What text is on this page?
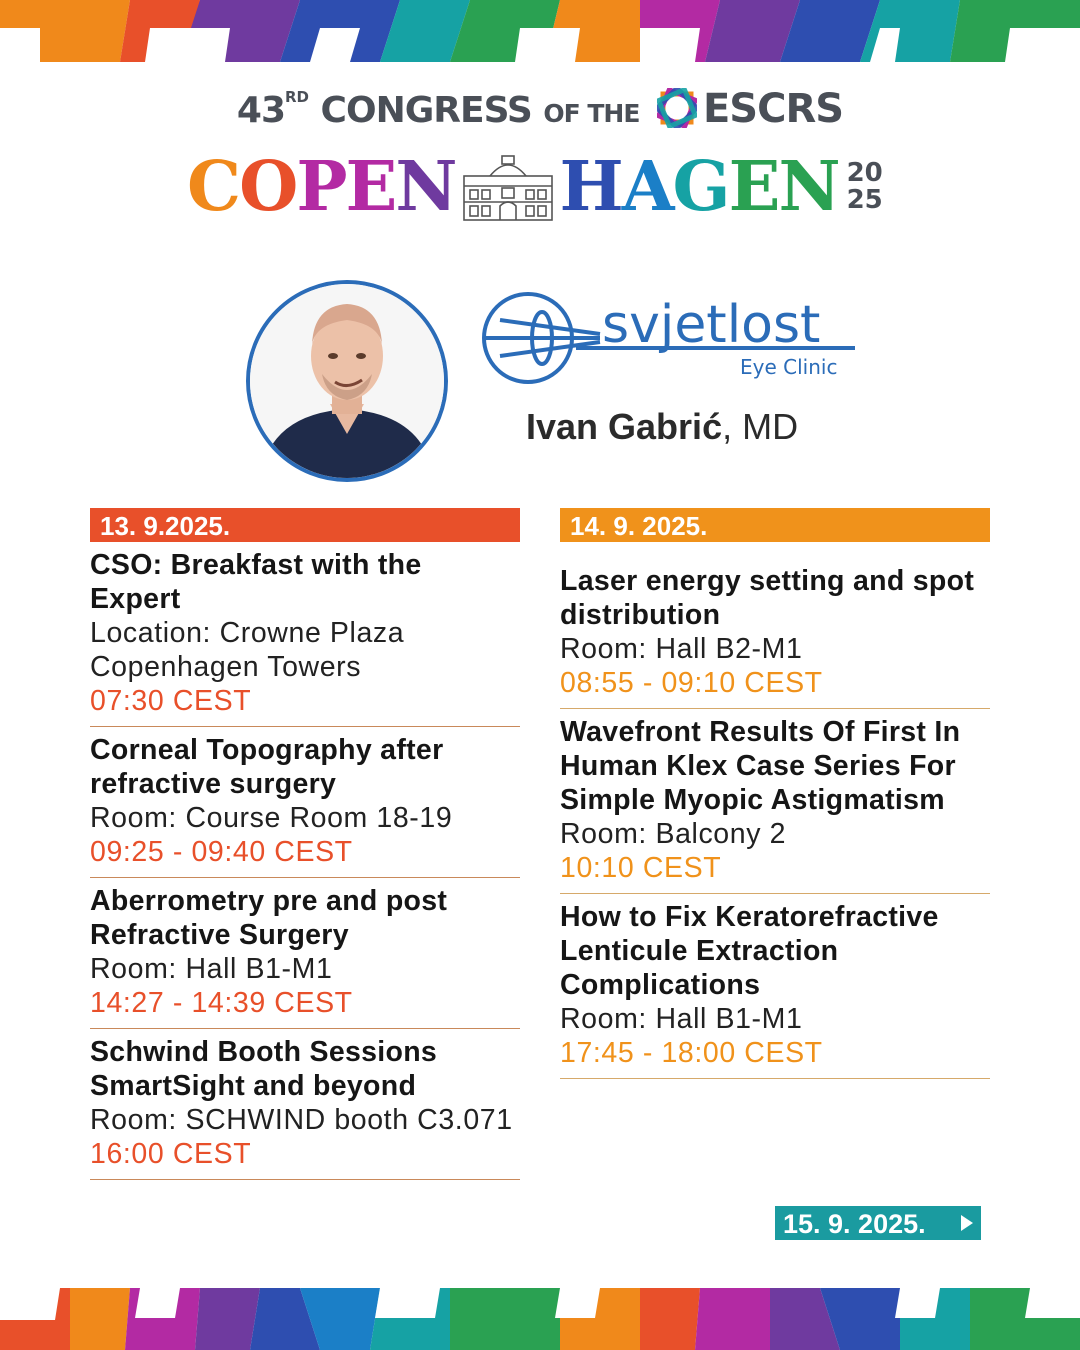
43RD CONGRESS OF THE ESCRS
C O P E N H A G E N 20
25
svjetlost
Eye Clinic
Ivan Gabrić, MD
13. 9.2025.
CSO: Breakfast with the Expert
Location: Crowne Plaza Copenhagen Towers
07:30 CEST
Corneal Topography after refractive surgery
Room: Course Room 18-19
09:25 - 09:40 CEST
Aberrometry pre and post Refractive Surgery
Room: Hall B1-M1
14:27 - 14:39 CEST
Schwind Booth Sessions SmartSight and beyond
Room: SCHWIND booth C3.071
16:00 CEST
14. 9. 2025.
Laser energy setting and spot distribution
Room: Hall B2-M1
08:55 - 09:10 CEST
Wavefront Results Of First In Human Klex Case Series For Simple Myopic Astigmatism
Room: Balcony 2
10:10 CEST
How to Fix Keratorefractive Lenticule Extraction Complications
Room: Hall B1-M1
17:45 - 18:00 CEST
15. 9. 2025.
